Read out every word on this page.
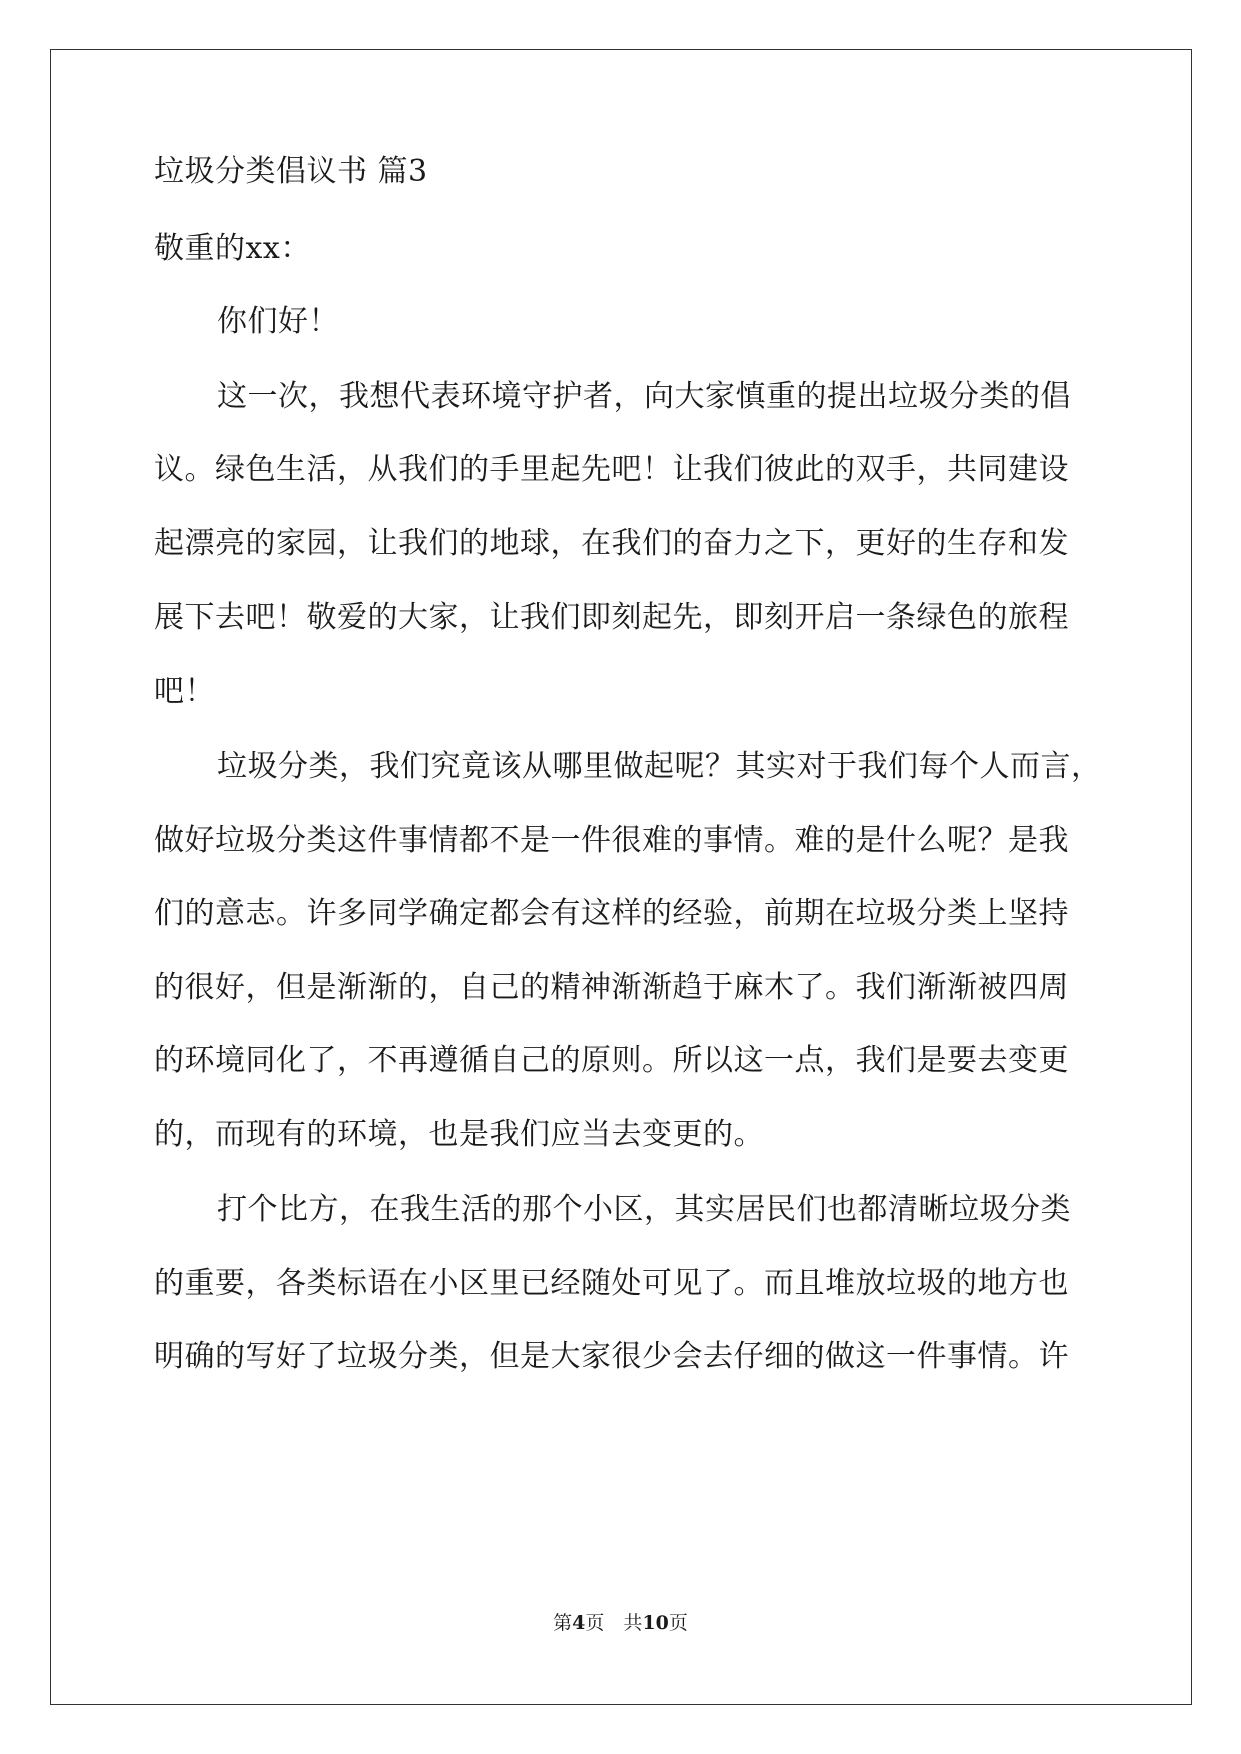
垃圾分类倡议书 篇3
敬重的xx：
你们好！
这一次，我想代表环境守护者，向大家慎重的提出垃圾分类的倡
议。绿色生活，从我们的手里起先吧！让我们彼此的双手，共同建设
起漂亮的家园，让我们的地球，在我们的奋力之下，更好的生存和发
展下去吧！敬爱的大家，让我们即刻起先，即刻开启一条绿色的旅程
吧！
垃圾分类，我们究竟该从哪里做起呢？其实对于我们每个人而言，
做好垃圾分类这件事情都不是一件很难的事情。难的是什么呢？是我
们的意志。许多同学确定都会有这样的经验，前期在垃圾分类上坚持
的很好，但是渐渐的，自己的精神渐渐趋于麻木了。我们渐渐被四周
的环境同化了，不再遵循自己的原则。所以这一点，我们是要去变更
的，而现有的环境，也是我们应当去变更的。
打个比方，在我生活的那个小区，其实居民们也都清晰垃圾分类
的重要，各类标语在小区里已经随处可见了。而且堆放垃圾的地方也
明确的写好了垃圾分类，但是大家很少会去仔细的做这一件事情。许
第4页　共10页
